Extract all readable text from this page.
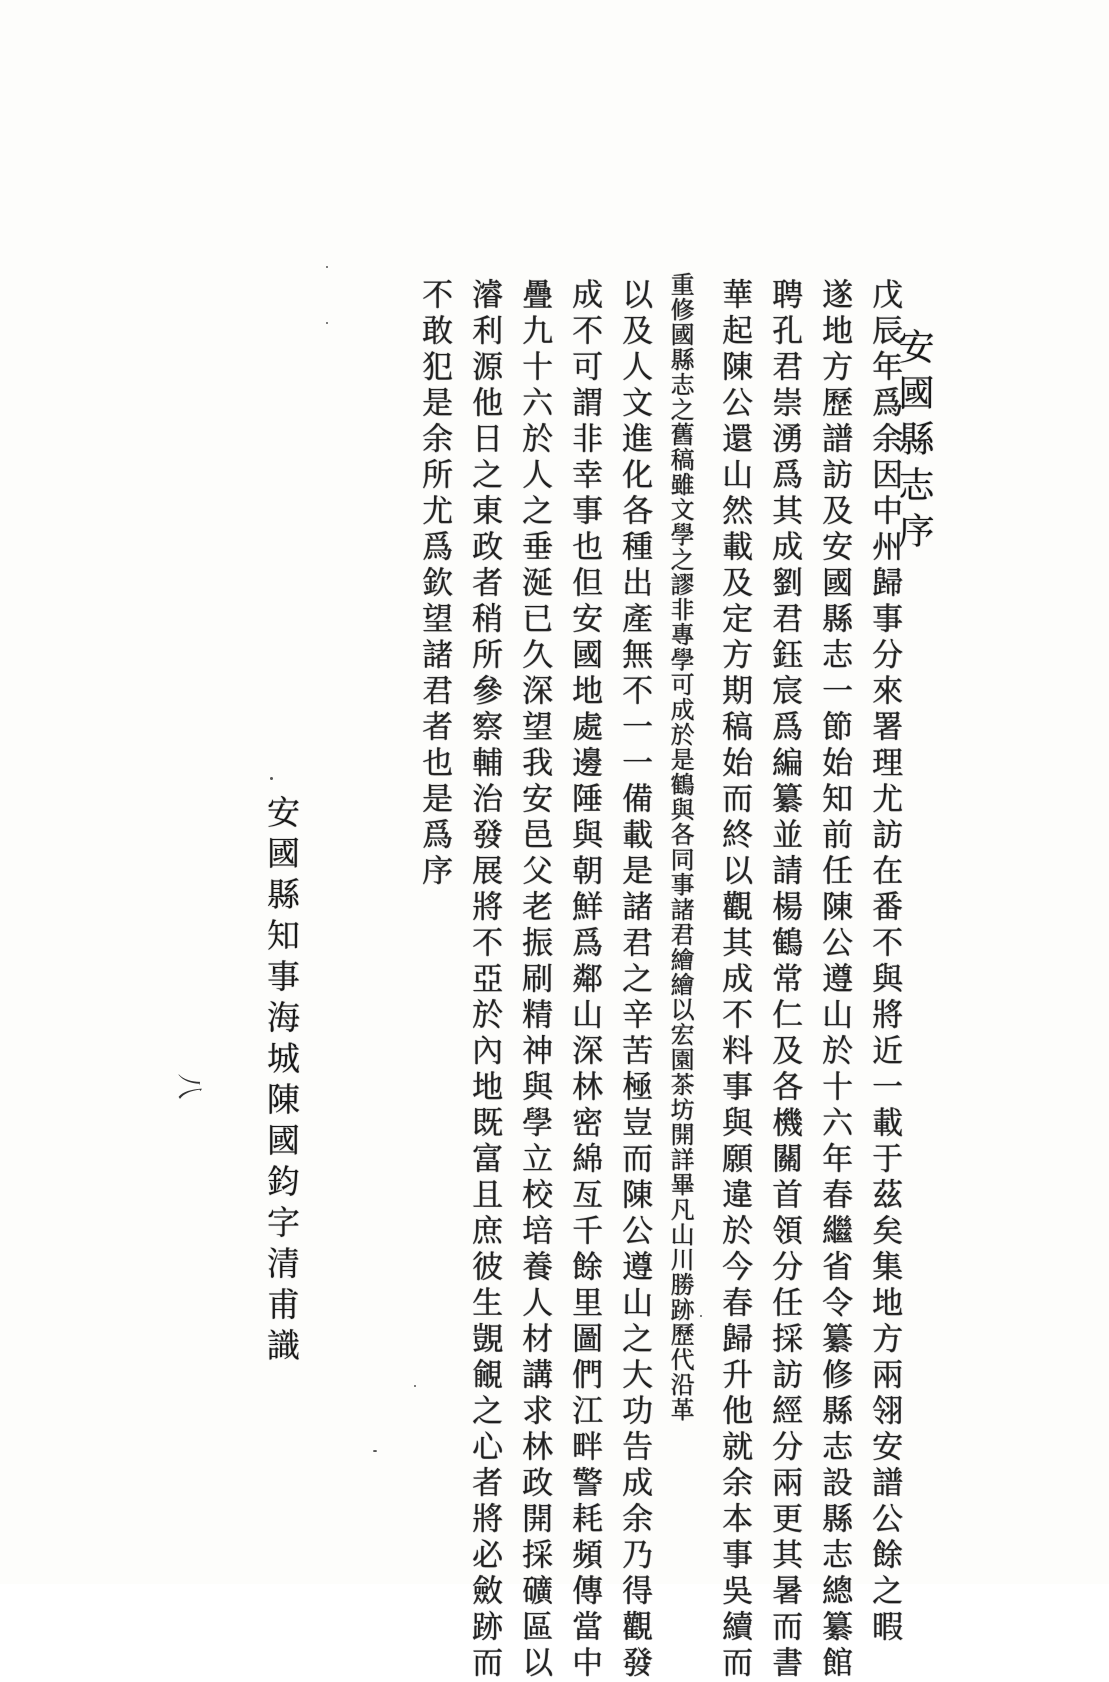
安國縣志序
戊辰年爲余因中州歸事分來署理尤訪在番不與將近一載于茲矣集地方兩翎安譜公餘之暇
遂地方歷譜訪及安國縣志一節始知前任陳公遵山於十六年春繼省令纂修縣志設縣志總纂館
聘孔君崇湧爲其成劉君鈺宸爲編纂並請楊鶴常仁及各機關首領分任採訪經分兩更其暑而書
華起陳公還山然載及定方期稿始而終以觀其成不料事與願違於今春歸升他就余本事吳續而
重修國縣志之舊稿雖文學之謬非專學可成於是鶴與各同事諸君繪繪以宏園茶坊開詳畢凡山川勝跡歷代沿革
以及人文進化各種出產無不一一備載是諸君之辛苦極豈而陳公遵山之大功告成余乃得觀發
成不可謂非幸事也但安國地處邊陲與朝鮮爲鄰山深林密綿亙千餘里圖們江畔警耗頻傳當中
疊九十六於人之垂涎已久深望我安邑父老振刷精神與學立校培養人材講求林政開採礦區以
濬利源他日之東政者稍所參察輔治發展將不亞於內地既富且庶彼生覬覦之心者將必斂跡而
不敢犯是余所尤爲欽望諸君者也是爲序
安國縣知事海城陳國鈞字清甫識
八
